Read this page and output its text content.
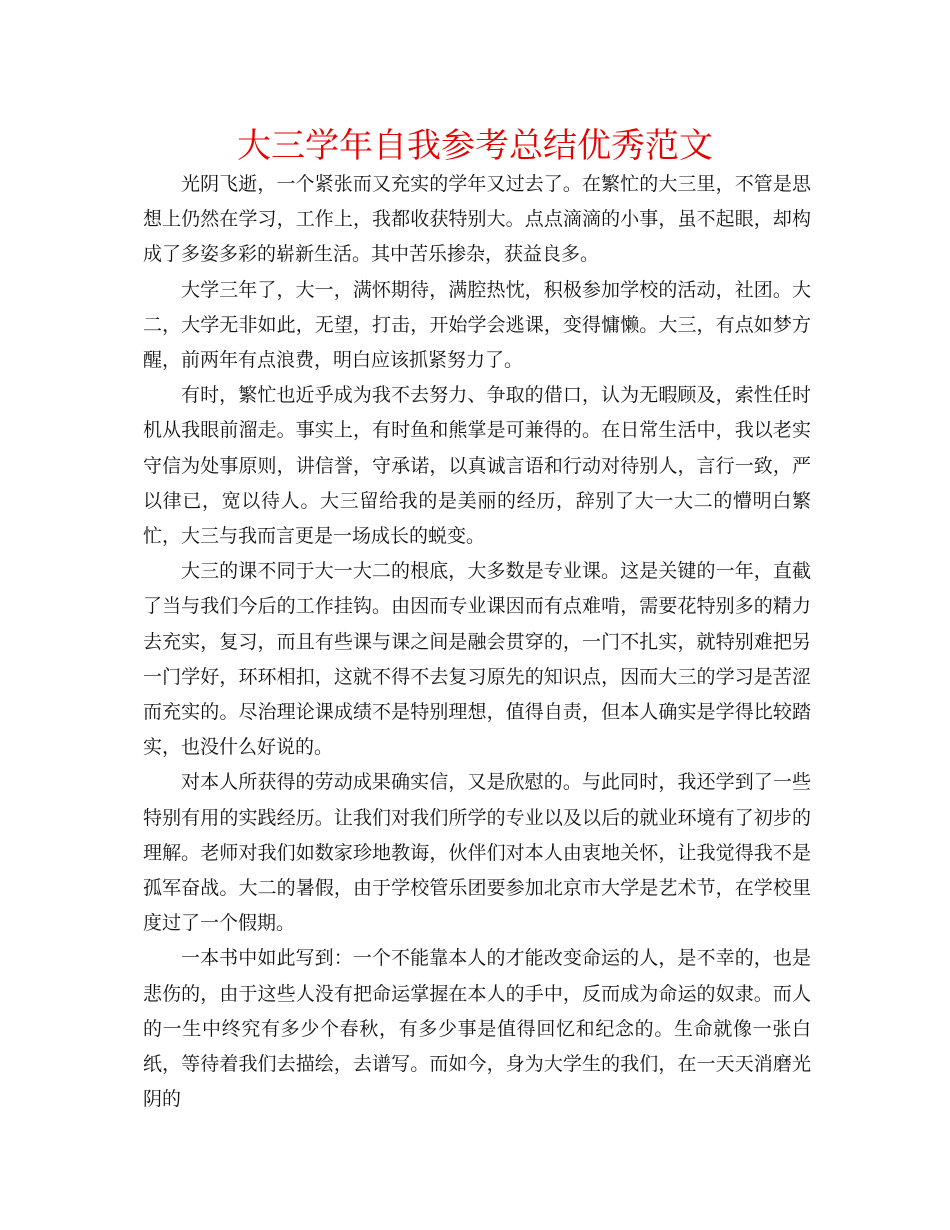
大三学年自我参考总结优秀范文

光阴飞逝，一个紧张而又充实的学年又过去了。在繁忙的大三里，不管是思想上仍然在学习，工作上，我都收获特别大。点点滴滴的小事，虽不起眼，却构成了多姿多彩的崭新生活。其中苦乐掺杂，获益良多。

大学三年了，大一，满怀期待，满腔热忱，积极参加学校的活动，社团。大二，大学无非如此，无望，打击，开始学会逃课，变得慵懒。大三，有点如梦方醒，前两年有点浪费，明白应该抓紧努力了。

有时，繁忙也近乎成为我不去努力、争取的借口，认为无暇顾及，索性任时机从我眼前溜走。事实上，有时鱼和熊掌是可兼得的。在日常生活中，我以老实守信为处事原则，讲信誉，守承诺，以真诚言语和行动对待别人，言行一致，严以律已，宽以待人。大三留给我的是美丽的经历，辞别了大一大二的懵明白繁忙，大三与我而言更是一场成长的蜕变。

大三的课不同于大一大二的根底，大多数是专业课。这是关键的一年，直截了当与我们今后的工作挂钩。由因而专业课因而有点难啃，需要花特别多的精力去充实，复习，而且有些课与课之间是融会贯穿的，一门不扎实，就特别难把另一门学好，环环相扣，这就不得不去复习原先的知识点，因而大三的学习是苦涩而充实的。尽治理论课成绩不是特别理想，值得自责，但本人确实是学得比较踏实，也没什么好说的。

对本人所获得的劳动成果确实信，又是欣慰的。与此同时，我还学到了一些特别有用的实践经历。让我们对我们所学的专业以及以后的就业环境有了初步的理解。老师对我们如数家珍地教诲，伙伴们对本人由衷地关怀，让我觉得我不是孤军奋战。大二的暑假，由于学校管乐团要参加北京市大学是艺术节，在学校里度过了一个假期。

一本书中如此写到：一个不能靠本人的才能改变命运的人，是不幸的，也是悲伤的，由于这些人没有把命运掌握在本人的手中，反而成为命运的奴隶。而人的一生中终究有多少个春秋，有多少事是值得回忆和纪念的。生命就像一张白纸，等待着我们去描绘，去谱写。而如今，身为大学生的我们，在一天天消磨光阴的
